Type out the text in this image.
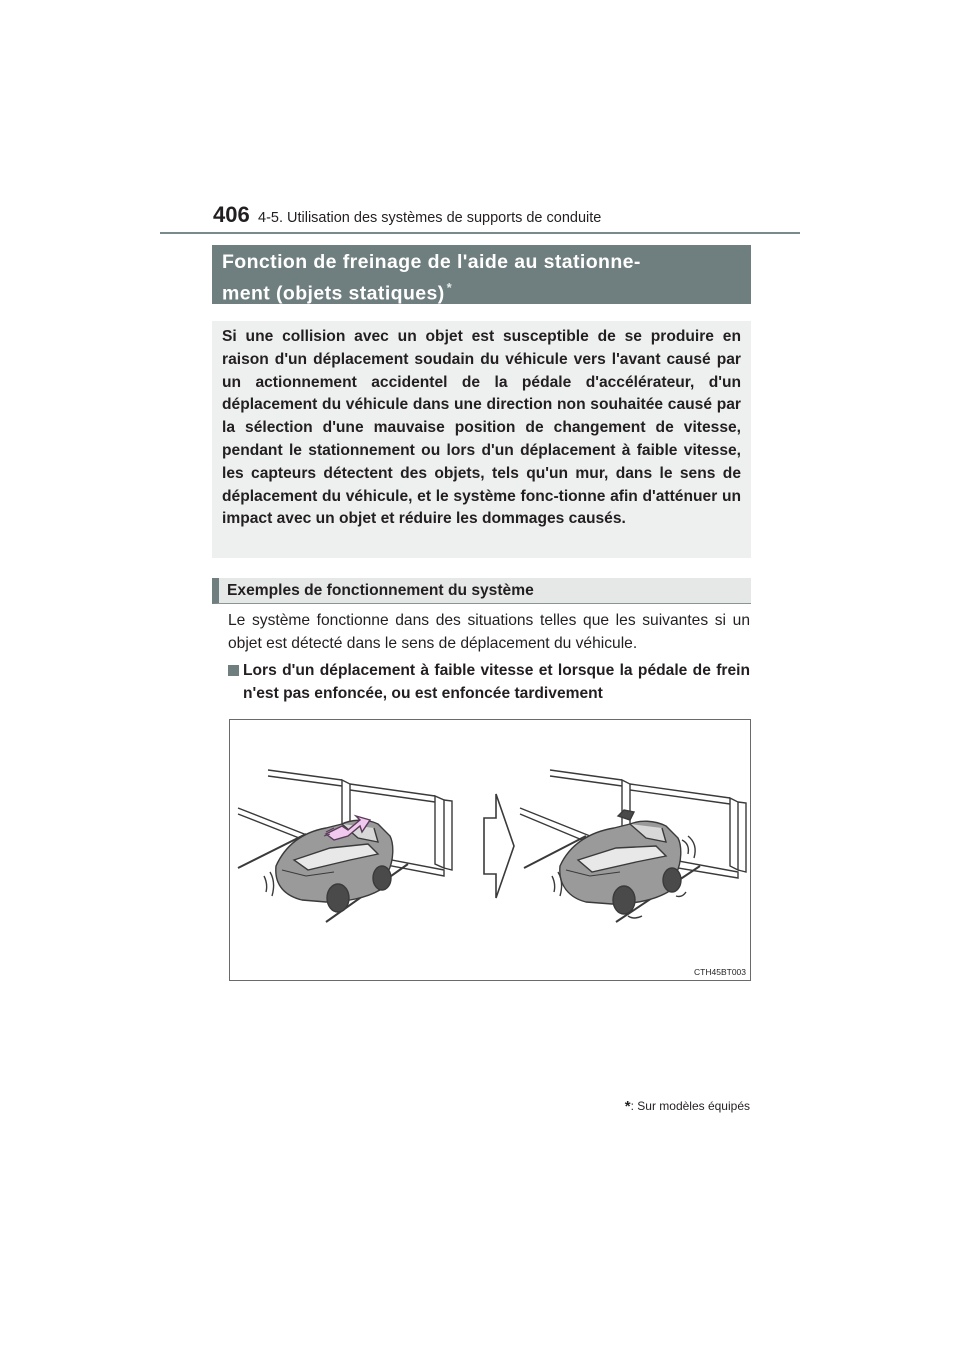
406 4-5. Utilisation des systèmes de supports de conduite
Fonction de freinage de l'aide au stationne-
ment (objets statiques) *

Si une collision avec un objet est susceptible de se produire en raison d'un déplacement soudain du véhicule vers l'avant causé par un actionnement accidentel de la pédale d'accélérateur, d'un déplacement du véhicule dans une direction non souhaitée causé par la sélection d'une mauvaise position de changement de vitesse, pendant le stationnement ou lors d'un déplacement à faible vitesse, les capteurs détectent des objets, tels qu'un mur, dans le sens de déplacement du véhicule, et le système fonc-tionne afin d'atténuer un impact avec un objet et réduire les dommages causés.

Exemples de fonctionnement du système

Le système fonctionne dans des situations telles que les suivantes si un objet est détecté dans le sens de déplacement du véhicule.

Lors d'un déplacement à faible vitesse et lorsque la pédale de frein n'est pas enfoncée, ou est enfoncée tardivement
CTH45BT003
*: Sur modèles équipés
